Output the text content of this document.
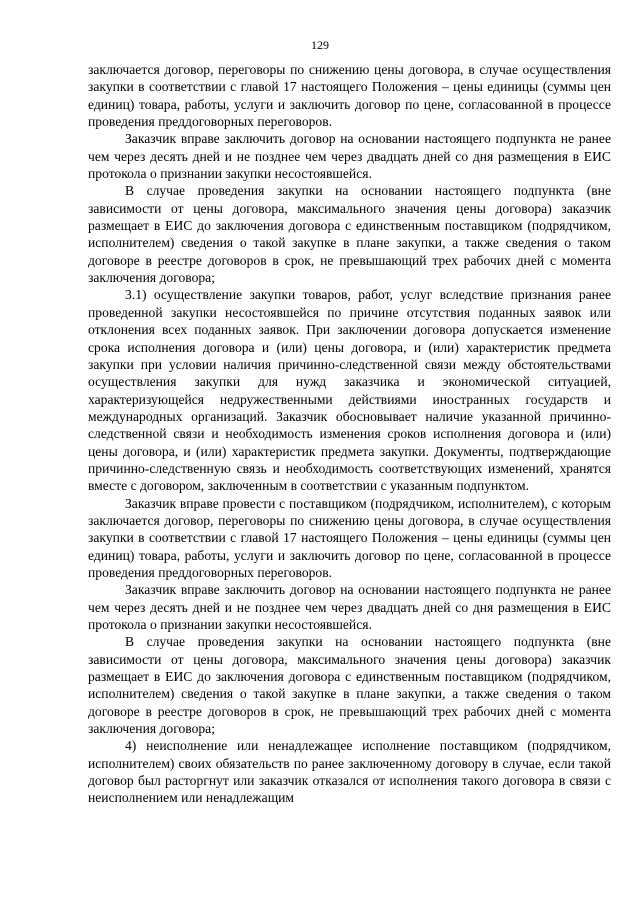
129

заключается договор, переговоры по снижению цены договора, в случае осуществления закупки в соответствии с главой 17 настоящего Положения – цены единицы (суммы цен единиц) товара, работы, услуги и заключить договор по цене, согласованной в процессе проведения преддоговорных переговоров.

Заказчик вправе заключить договор на основании настоящего подпункта не ранее чем через десять дней и не позднее чем через двадцать дней со дня размещения в ЕИС протокола о признании закупки несостоявшейся.

В случае проведения закупки на основании настоящего подпункта (вне зависимости от цены договора, максимального значения цены договора) заказчик размещает в ЕИС до заключения договора с единственным поставщиком (подрядчиком, исполнителем) сведения о такой закупке в плане закупки, а также сведения о таком договоре в реестре договоров в срок, не превышающий трех рабочих дней с момента заключения договора;

3.1) осуществление закупки товаров, работ, услуг вследствие признания ранее проведенной закупки несостоявшейся по причине отсутствия поданных заявок или отклонения всех поданных заявок. При заключении договора допускается изменение срока исполнения договора и (или) цены договора, и (или) характеристик предмета закупки при условии наличия причинно-следственной связи между обстоятельствами осуществления закупки для нужд заказчика и экономической ситуацией, характеризующейся недружественными действиями иностранных государств и международных организаций. Заказчик обосновывает наличие указанной причинно-следственной связи и необходимость изменения сроков исполнения договора и (или) цены договора, и (или) характеристик предмета закупки. Документы, подтверждающие причинно-следственную связь и необходимость соответствующих изменений, хранятся вместе с договором, заключенным в соответствии с указанным подпунктом.

Заказчик вправе провести с поставщиком (подрядчиком, исполнителем), с которым заключается договор, переговоры по снижению цены договора, в случае осуществления закупки в соответствии с главой 17 настоящего Положения – цены единицы (суммы цен единиц) товара, работы, услуги и заключить договор по цене, согласованной в процессе проведения преддоговорных переговоров.

Заказчик вправе заключить договор на основании настоящего подпункта не ранее чем через десять дней и не позднее чем через двадцать дней со дня размещения в ЕИС протокола о признании закупки несостоявшейся.

В случае проведения закупки на основании настоящего подпункта (вне зависимости от цены договора, максимального значения цены договора) заказчик размещает в ЕИС до заключения договора с единственным поставщиком (подрядчиком, исполнителем) сведения о такой закупке в плане закупки, а также сведения о таком договоре в реестре договоров в срок, не превышающий трех рабочих дней с момента заключения договора;

4) неисполнение или ненадлежащее исполнение поставщиком (подрядчиком, исполнителем) своих обязательств по ранее заключенному договору в случае, если такой договор был расторгнут или заказчик отказался от исполнения такого договора в связи с неисполнением или ненадлежащим
